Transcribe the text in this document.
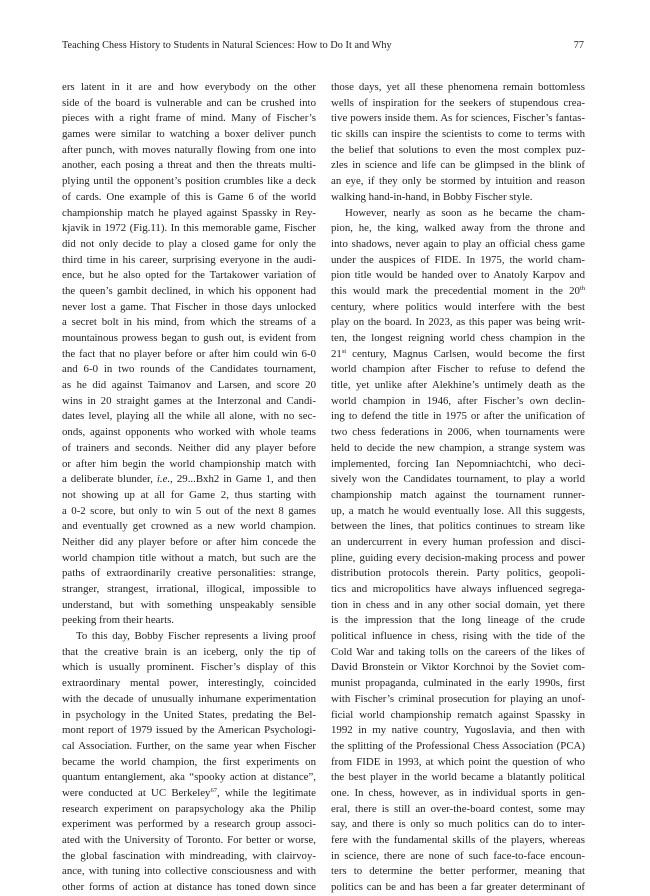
Teaching Chess History to Students in Natural Sciences: How to Do It and Why	77
ers latent in it are and how everybody on the other
side of the board is vulnerable and can be crushed into
pieces with a right frame of mind. Many of Fischer’s
games were similar to watching a boxer deliver punch
after punch, with moves naturally flowing from one into
another, each posing a threat and then the threats multi-
plying until the opponent’s position crumbles like a deck
of cards. One example of this is Game 6 of the world
championship match he played against Spassky in Rey-
kjavik in 1972 (Fig.11). In this memorable game, Fischer
did not only decide to play a closed game for only the
third time in his career, surprising everyone in the audi-
ence, but he also opted for the Tartakower variation of
the queen’s gambit declined, in which his opponent had
never lost a game. That Fischer in those days unlocked
a secret bolt in his mind, from which the streams of a
mountainous prowess began to gush out, is evident from
the fact that no player before or after him could win 6-0
and 6-0 in two rounds of the Candidates tournament,
as he did against Taimanov and Larsen, and score 20
wins in 20 straight games at the Interzonal and Candi-
dates level, playing all the while all alone, with no sec-
onds, against opponents who worked with whole teams
of trainers and seconds. Neither did any player before
or after him begin the world championship match with
a deliberate blunder, i.e., 29...Bxh2 in Game 1, and then
not showing up at all for Game 2, thus starting with
a 0-2 score, but only to win 5 out of the next 8 games
and eventually get crowned as a new world champion.
Neither did any player before or after him concede the
world champion title without a match, but such are the
paths of extraordinarily creative personalities: strange,
stranger, strangest, irrational, illogical, impossible to
understand, but with something unspeakably sensible
peeking from their hearts.
To this day, Bobby Fischer represents a living proof
that the creative brain is an iceberg, only the tip of
which is usually prominent. Fischer’s display of this
extraordinary mental power, interestingly, coincided
with the decade of unusually inhumane experimentation
in psychology in the United States, predating the Bel-
mont report of 1979 issued by the American Psychologi-
cal Association. Further, on the same year when Fischer
became the world champion, the first experiments on
quantum entanglement, aka “spooky action at distance”,
were conducted at UC Berkeley$^{67}$, while the legitimate
research experiment on parapsychology aka the Philip
experiment was performed by a research group associ-
ated with the University of Toronto. For better or worse,
the global fascination with mindreading, with clairvoy-
ance, with tuning into collective consciousness and with
other forms of action at distance has toned down since
those days, yet all these phenomena remain bottomless
wells of inspiration for the seekers of stupendous crea-
tive powers inside them. As for sciences, Fischer’s fantas-
tic skills can inspire the scientists to come to terms with
the belief that solutions to even the most complex puz-
zles in science and life can be glimpsed in the blink of
an eye, if they only be stormed by intuition and reason
walking hand-in-hand, in Bobby Fischer style.
However, nearly as soon as he became the cham-
pion, he, the king, walked away from the throne and
into shadows, never again to play an official chess game
under the auspices of FIDE. In 1975, the world cham-
pion title would be handed over to Anatoly Karpov and
this would mark the precedential moment in the 20th
century, where politics would interfere with the best
play on the board. In 2023, as this paper was being writ-
ten, the longest reigning world chess champion in the
21st century, Magnus Carlsen, would become the first
world champion after Fischer to refuse to defend the
title, yet unlike after Alekhine’s untimely death as the
world champion in 1946, after Fischer’s own declin-
ing to defend the title in 1975 or after the unification of
two chess federations in 2006, when tournaments were
held to decide the new champion, a strange system was
implemented, forcing Ian Nepomniachtchi, who deci-
sively won the Candidates tournament, to play a world
championship match against the tournament runner-
up, a match he would eventually lose. All this suggests,
between the lines, that politics continues to stream like
an undercurrent in every human profession and disci-
pline, guiding every decision-making process and power
distribution protocols therein. Party politics, geopoli-
tics and micropolitics have always influenced segrega-
tion in chess and in any other social domain, yet there
is the impression that the long lineage of the crude
political influence in chess, rising with the tide of the
Cold War and taking tolls on the careers of the likes of
David Bronstein or Viktor Korchnoi by the Soviet com-
munist propaganda, culminated in the early 1990s, first
with Fischer’s criminal prosecution for playing an unof-
ficial world championship rematch against Spassky in
1992 in my native country, Yugoslavia, and then with
the splitting of the Professional Chess Association (PCA)
from FIDE in 1993, at which point the question of who
the best player in the world became a blatantly political
one. In chess, however, as in individual sports in gen-
eral, there is still an over-the-board contest, some may
say, and there is only so much politics can do to inter-
fere with the fundamental skills of the players, whereas
in science, there are none of such face-to-face encoun-
ters to determine the better performer, meaning that
politics can be and has been a far greater determinant of
